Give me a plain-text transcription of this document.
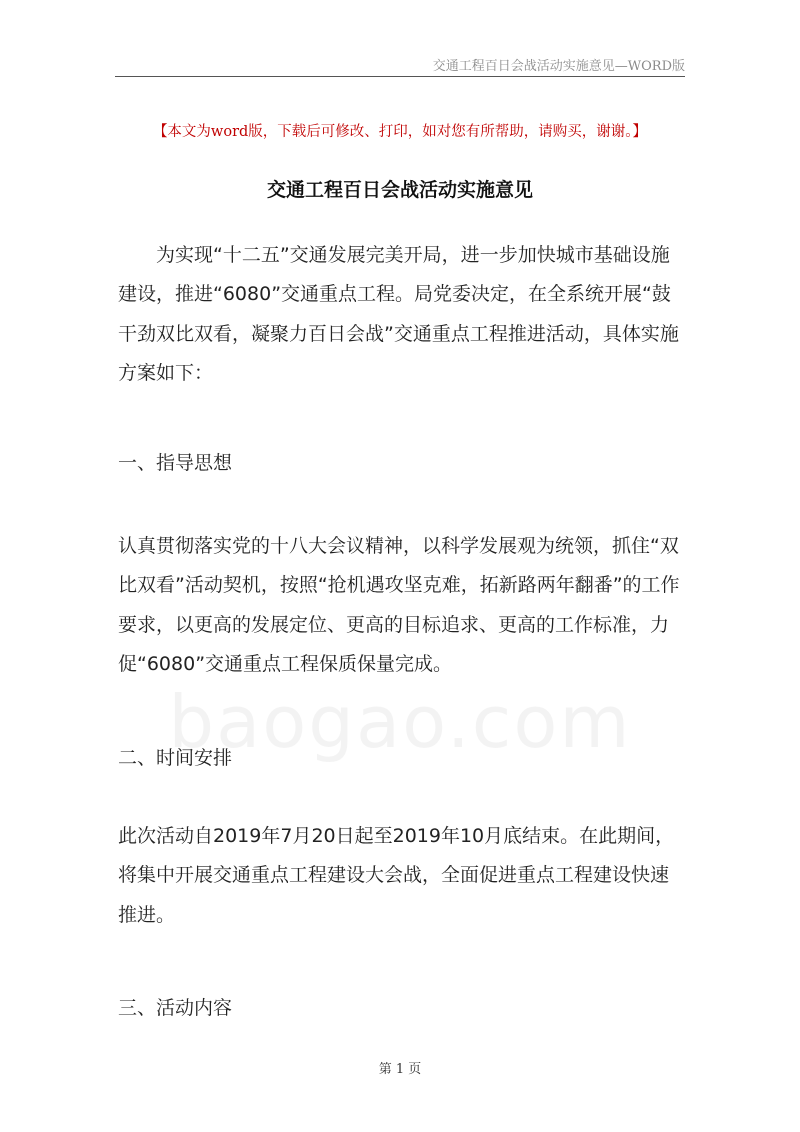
交通工程百日会战活动实施意见—WORD版
【本文为word版，下载后可修改、打印，如对您有所帮助，请购买，谢谢。】
交通工程百日会战活动实施意见
为实现“十二五”交通发展完美开局，进一步加快城市基础设施建设，推进“6080”交通重点工程。局党委决定，在全系统开展“鼓干劲双比双看，凝聚力百日会战”交通重点工程推进活动，具体实施方案如下：
一、指导思想
认真贯彻落实党的十八大会议精神，以科学发展观为统领，抓住“双比双看”活动契机，按照“抢机遇攻坚克难，拓新路两年翻番”的工作要求，以更高的发展定位、更高的目标追求、更高的工作标准，力促“6080”交通重点工程保质保量完成。
二、时间安排
此次活动自2019年7月20日起至2019年10月底结束。在此期间，将集中开展交通重点工程建设大会战，全面促进重点工程建设快速推进。
三、活动内容
第 1 页
